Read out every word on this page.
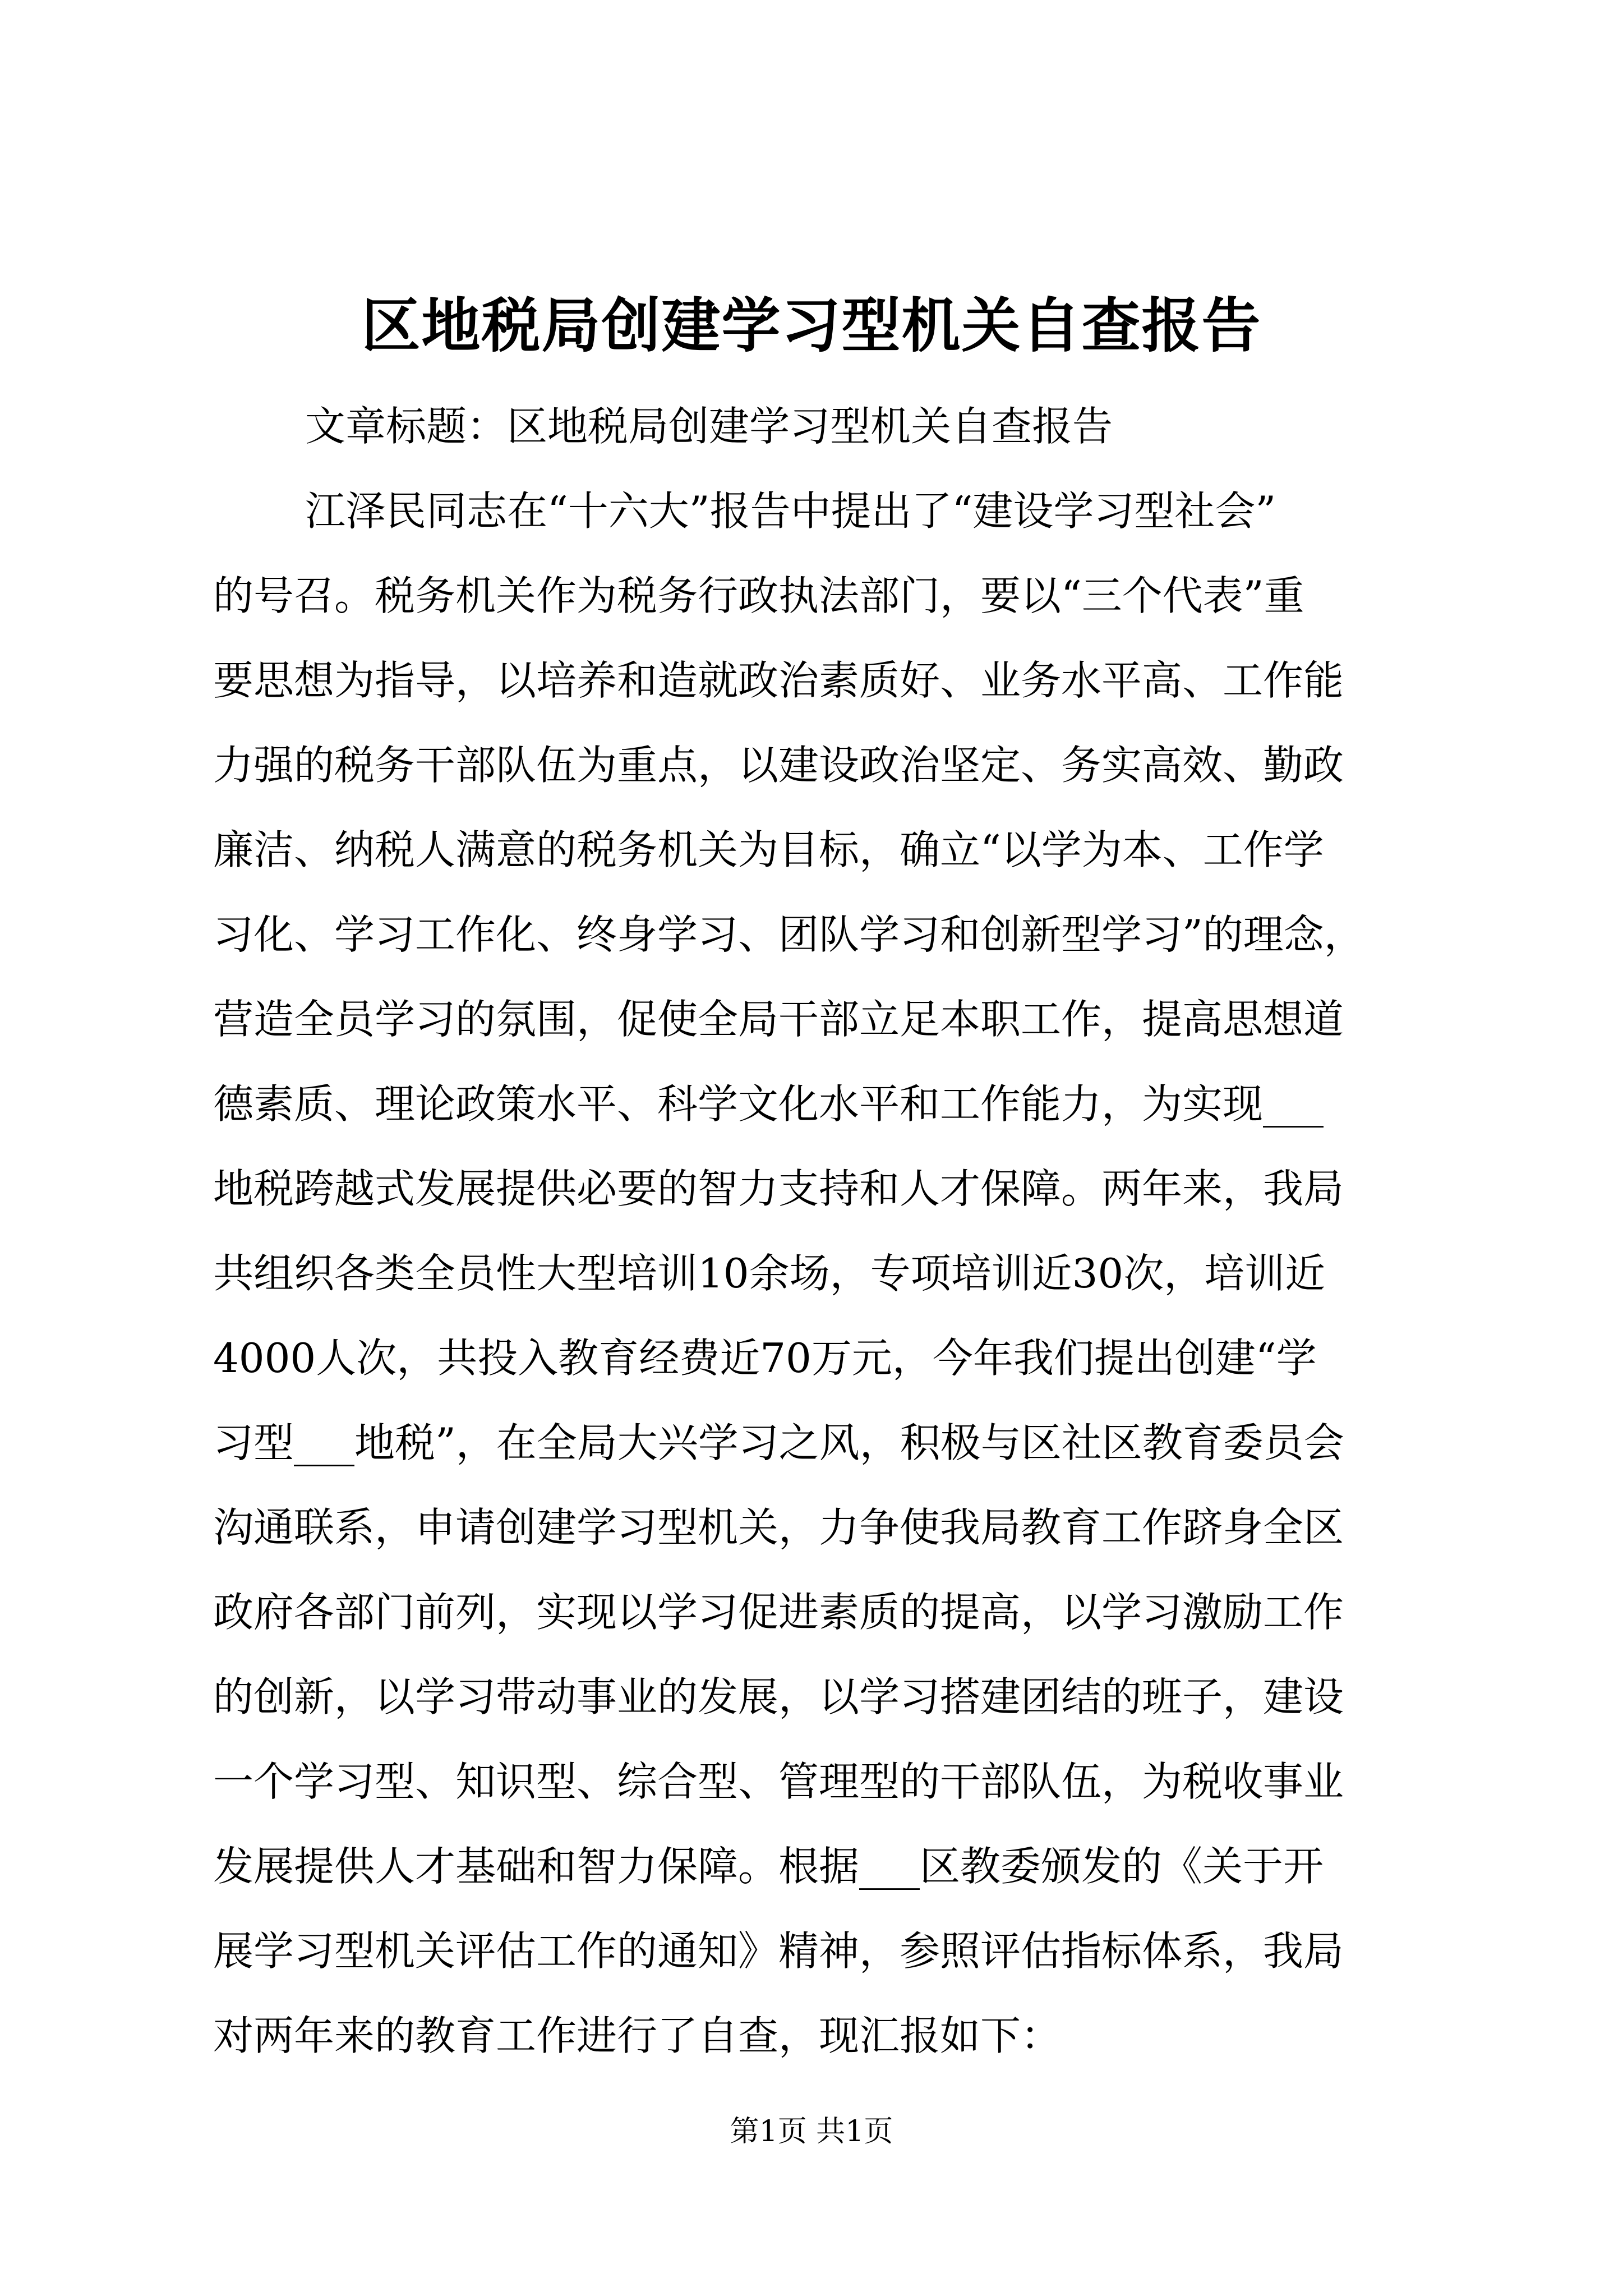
区地税局创建学习型机关自查报告
文章标题：区地税局创建学习型机关自查报告
江泽民同志在“十六大”报告中提出了“建设学习型社会”
的号召。税务机关作为税务行政执法部门，要以“三个代表”重
要思想为指导，以培养和造就政治素质好、业务水平高、工作能
力强的税务干部队伍为重点，以建设政治坚定、务实高效、勤政
廉洁、纳税人满意的税务机关为目标，确立“以学为本、工作学
习化、学习工作化、终身学习、团队学习和创新型学习”的理念，
营造全员学习的氛围，促使全局干部立足本职工作，提高思想道
德素质、理论政策水平、科学文化水平和工作能力，为实现___
地税跨越式发展提供必要的智力支持和人才保障。两年来，我局
共组织各类全员性大型培训10余场，专项培训近30次，培训近
4000人次，共投入教育经费近70万元，今年我们提出创建“学
习型___地税”，在全局大兴学习之风，积极与区社区教育委员会
沟通联系，申请创建学习型机关，力争使我局教育工作跻身全区
政府各部门前列，实现以学习促进素质的提高，以学习激励工作
的创新，以学习带动事业的发展，以学习搭建团结的班子，建设
一个学习型、知识型、综合型、管理型的干部队伍，为税收事业
发展提供人才基础和智力保障。根据___区教委颁发的《关于开
展学习型机关评估工作的通知》精神，参照评估指标体系，我局
对两年来的教育工作进行了自查，现汇报如下：
第1页 共1页
